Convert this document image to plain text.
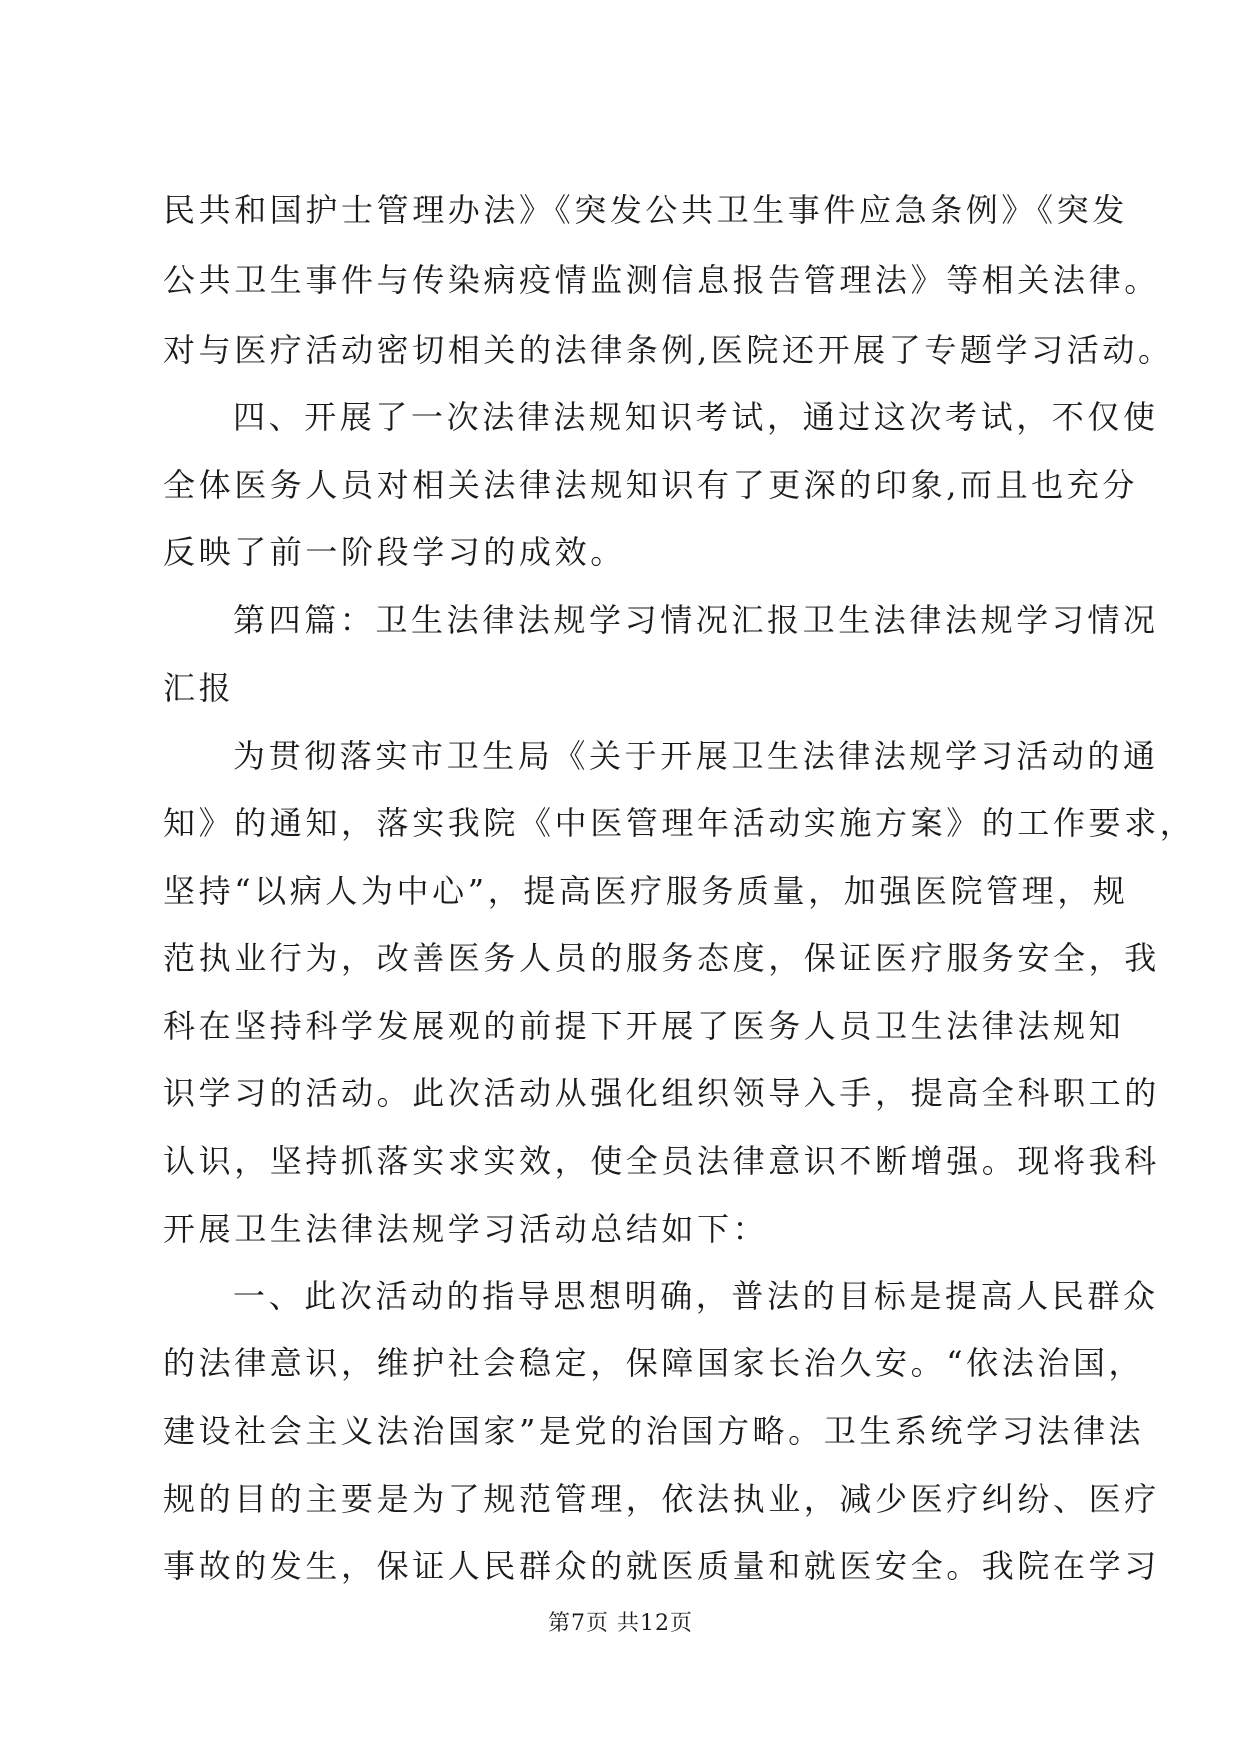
民共和国护士管理办法》《突发公共卫生事件应急条例》《突发
公共卫生事件与传染病疫情监测信息报告管理法》等相关法律。
对与医疗活动密切相关的法律条例,医院还开展了专题学习活动。
四、开展了一次法律法规知识考试，通过这次考试，不仅使
全体医务人员对相关法律法规知识有了更深的印象,而且也充分
反映了前一阶段学习的成效。
第四篇：卫生法律法规学习情况汇报卫生法律法规学习情况
汇报
为贯彻落实市卫生局《关于开展卫生法律法规学习活动的通
知》的通知，落实我院《中医管理年活动实施方案》的工作要求，
坚持“以病人为中心”，提高医疗服务质量，加强医院管理，规
范执业行为，改善医务人员的服务态度，保证医疗服务安全，我
科在坚持科学发展观的前提下开展了医务人员卫生法律法规知
识学习的活动。此次活动从强化组织领导入手，提高全科职工的
认识，坚持抓落实求实效，使全员法律意识不断增强。现将我科
开展卫生法律法规学习活动总结如下：
一、此次活动的指导思想明确，普法的目标是提高人民群众
的法律意识，维护社会稳定，保障国家长治久安。“依法治国，
建设社会主义法治国家”是党的治国方略。卫生系统学习法律法
规的目的主要是为了规范管理，依法执业，减少医疗纠纷、医疗
事故的发生，保证人民群众的就医质量和就医安全。我院在学习
第7页 共12页
